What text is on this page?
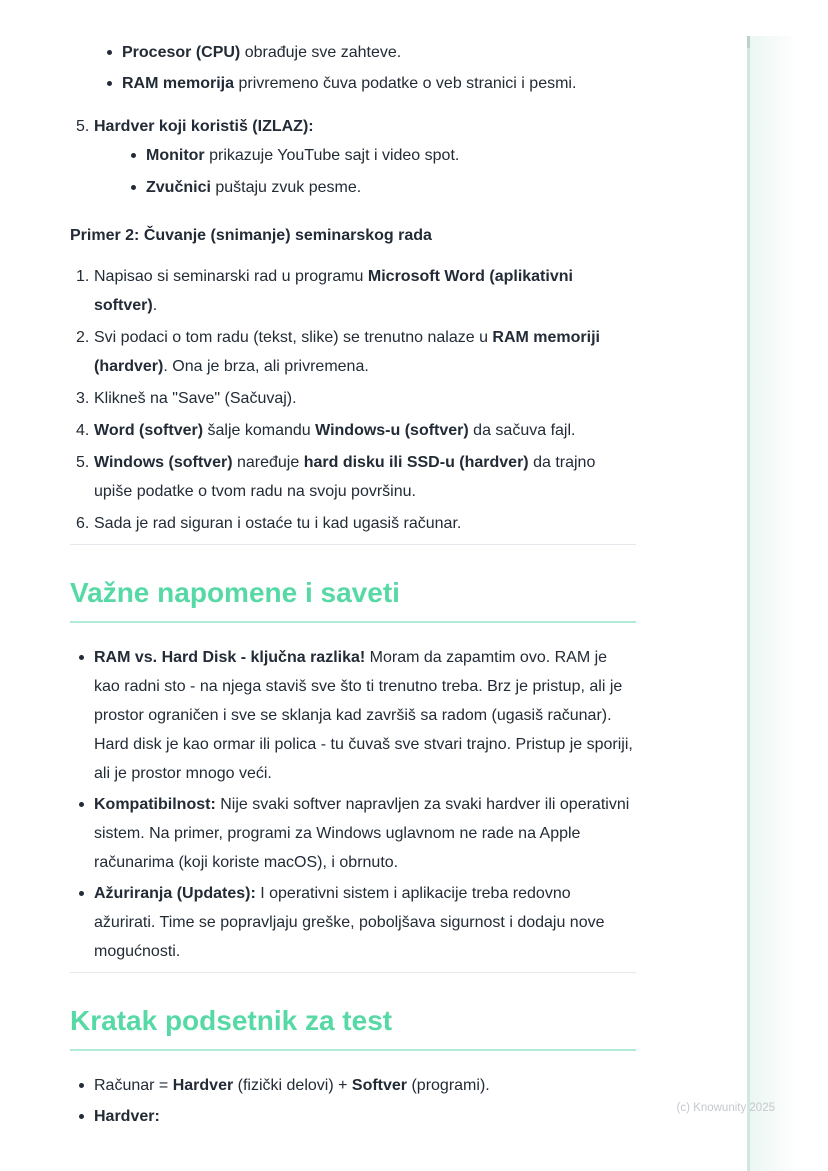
Procesor (CPU) obrađuje sve zahteve.
RAM memorija privremeno čuva podatke o veb stranici i pesmi.
5. Hardver koji koristiš (IZLAZ):
Monitor prikazuje YouTube sajt i video spot.
Zvučnici puštaju zvuk pesme.

Primer 2: Čuvanje (snimanje) seminarskog rada

1. Napisao si seminarski rad u programu Microsoft Word (aplikativni softver).
2. Svi podaci o tom radu (tekst, slike) se trenutno nalaze u RAM memoriji (hardver). Ona je brza, ali privremena.
3. Klikneš na "Save" (Sačuvaj).
4. Word (softver) šalje komandu Windows-u (softver) da sačuva fajl.
5. Windows (softver) naređuje hard disku ili SSD-u (hardver) da trajno upiše podatke o tvom radu na svoju površinu.
6. Sada je rad siguran i ostaće tu i kad ugasiš računar.
Važne napomene i saveti
RAM vs. Hard Disk - ključna razlika! Moram da zapamtim ovo. RAM je kao radni sto - na njega staviš sve što ti trenutno treba. Brz je pristup, ali je prostor ograničen i sve se sklanja kad završiš sa radom (ugasiš računar). Hard disk je kao ormar ili polica - tu čuvaš sve stvari trajno. Pristup je sporiji, ali je prostor mnogo veći.
Kompatibilnost: Nije svaki softver napravljen za svaki hardver ili operativni sistem. Na primer, programi za Windows uglavnom ne rade na Apple računarima (koji koriste macOS), i obrnuto.
Ažuriranja (Updates): I operativni sistem i aplikacije treba redovno ažurirati. Time se popravljaju greške, poboljšava sigurnost i dodaju nove mogućnosti.
Kratak podsetnik za test
Računar = Hardver (fizički delovi) + Softver (programi).
Hardver:	(c) Knowunity 2025
